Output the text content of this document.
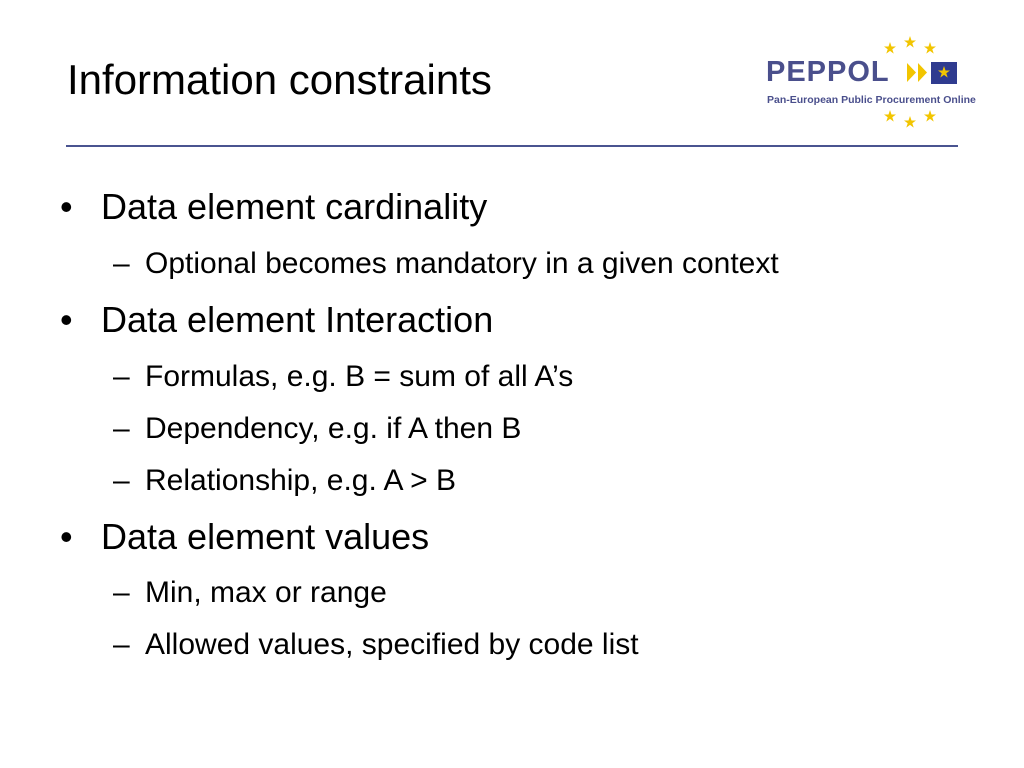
Information constraints	PEPPOL
Pan-European Public Procurement Online
• Data element cardinality
– Optional becomes mandatory in a given context
• Data element Interaction
– Formulas, e.g. B = sum of all A’s
– Dependency, e.g. if A then B
– Relationship, e.g. A > B
• Data element values
– Min, max or range
– Allowed values, specified by code list
